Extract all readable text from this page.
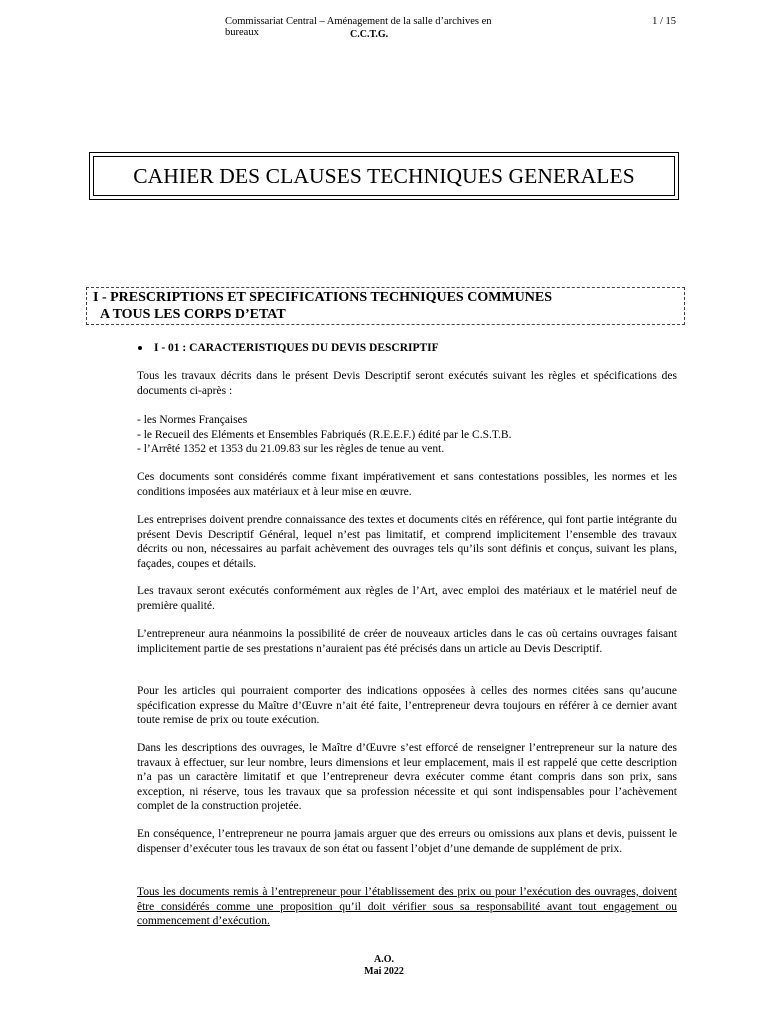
Commissariat Central – Aménagement de la salle d’archives en bureaux
1 / 15
C.C.T.G.
CAHIER DES CLAUSES TECHNIQUES GENERALES
I - PRESCRIPTIONS ET SPECIFICATIONS TECHNIQUES COMMUNES
A TOUS LES CORPS D’ETAT
I - 01 : CARACTERISTIQUES DU DEVIS DESCRIPTIF

Tous les travaux décrits dans le présent Devis Descriptif seront exécutés suivant les règles et spécifications des documents ci-après :

- les Normes Françaises

- le Recueil des Eléments et Ensembles Fabriqués (R.E.E.F.) édité par le C.S.T.B.

- l’Arrêté 1352 et 1353 du 21.09.83 sur les règles de tenue au vent.

Ces documents sont considérés comme fixant impérativement et sans contestations possibles, les normes et les conditions imposées aux matériaux et à leur mise en œuvre.

Les entreprises doivent prendre connaissance des textes et documents cités en référence, qui font partie intégrante du présent Devis Descriptif Général, lequel n’est pas limitatif, et comprend implicitement l’ensemble des travaux décrits ou non, nécessaires au parfait achèvement des ouvrages tels qu’ils sont définis et conçus, suivant les plans, façades, coupes et détails.

Les travaux seront exécutés conformément aux règles de l’Art, avec emploi des matériaux et le matériel neuf de première qualité.

L’entrepreneur aura néanmoins la possibilité de créer de nouveaux articles dans le cas où certains ouvrages faisant implicitement partie de ses prestations n’auraient pas été précisés dans un article au Devis Descriptif.

Pour les articles qui pourraient comporter des indications opposées à celles des normes citées sans qu’aucune spécification expresse du Maître d’Œuvre n’ait été faite, l’entrepreneur devra toujours en référer à ce dernier avant toute remise de prix ou toute exécution.

Dans les descriptions des ouvrages, le Maître d’Œuvre s’est efforcé de renseigner l’entrepreneur sur la nature des travaux à effectuer, sur leur nombre, leurs dimensions et leur emplacement, mais il est rappelé que cette description n’a pas un caractère limitatif et que l’entrepreneur devra exécuter comme étant compris dans son prix, sans exception, ni réserve, tous les travaux que sa profession nécessite et qui sont indispensables pour l’achèvement complet de la construction projetée.

En conséquence, l’entrepreneur ne pourra jamais arguer que des erreurs ou omissions aux plans et devis, puissent le dispenser d’exécuter tous les travaux de son état ou fassent l’objet d’une demande de supplément de prix.

Tous les documents remis à l’entrepreneur pour l’établissement des prix ou pour l’exécution des ouvrages, doivent être considérés comme une proposition qu’il doit vérifier sous sa responsabilité avant tout engagement ou commencement d’exécution.

A.O.
Mai 2022
